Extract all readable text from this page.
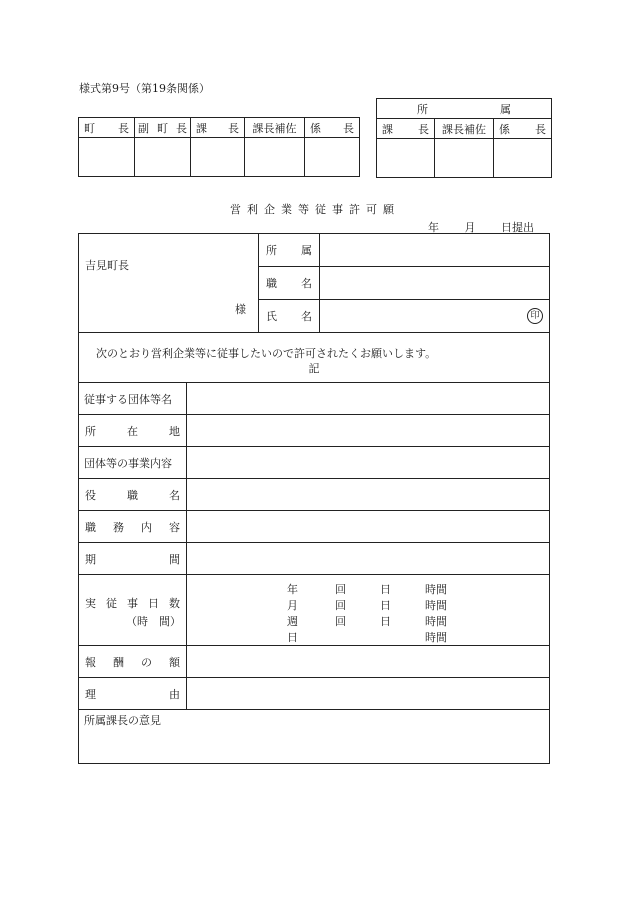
様式第9号（第19条関係）
町 長	副 町 長	課 長	課長補佐	係 長

所 属		

課 長	課長補佐	係 長

営利企業等従事許可願
年 月 日提出
吉見町長
様	所 属	

	職 名	

	氏 名	印
次のとおり営利企業等に従事したいので許可されたくお願いします。
記
従事する団体等名

所	在	地

団体等の事業内容

役	職	名

職 務 内 容

期	間

実 従 事 日 数
（時　間）

年	回	日	時間
月	回	日	時間
週	回	日	時間
日			時間

報 酬 の 額

理	由

所属課長の意見
